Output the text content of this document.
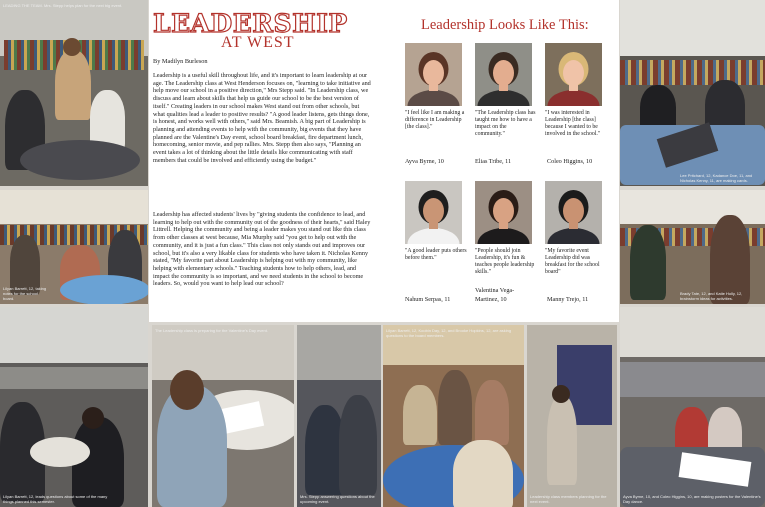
LEADING THE TEAM. Mrs. Stepp helps plan for the next big event.
Lilyan Barrett, 12, taking notes for the school board.
Lilyan Barrett, 12, leads questions about some of the many things planned this semester.
The Leadership class is preparing for the Valentine's Day event.
Mrs. Stepp answering questions about the upcoming event.
Lilyan Barrett, 12, Koobin Day, 12, and Brooke Hopkins, 12, are asking questions to the board members.
Leadership class members planning for the next event.
Lee Pritchard, 12, Kadance Doe, 11, and Nicholas Kenny, 11, are making cards.
Brady Tate, 12, and Katie Holly, 12, brainstorm ideas for activities.
Ayva Byrne, 10, and Coleo Higgins, 10, are making posters for the Valentine's Day dance.
LEADERSHIP
AT WEST
By Madilyn Burleson
Leadership is a useful skill throughout life, and it's important to learn leadership at our age. The Leadership class at West Henderson focuses on, "learning to take initiative and help move our school in a positive direction," Mrs Stepp said. "In Leadership class, we discuss and learn about skills that help us guide our school to be the best version of itself." Creating leaders in our school makes West stand out from other schools, but what qualities lead a leader to positive results? "A good leader listens, gets things done, is honest, and works well with others," said Mrs. Beamish. A big part of Leadership is planning and attending events to help with the community, big events that they have planned are the Valentine's Day event, school board breakfast, fire department lunch, homecoming, senior movie, and pep rallies. Mrs. Stepp then also says, "Planning an event takes a lot of thinking about the little details like communicating with staff members that could be involved and efficiently using the budget."
Leadership has affected students' lives by "giving students the confidence to lead, and learning to help out with the community out of the goodness of their hearts," said Haley Littrell. Helping the community and being a leader makes you stand out like this class from other classes at west because, Mia Murphy said "you get to help out with the community, and it is just a fun class." This class not only stands out and improves our school, but it's also a very likable class for students who have taken it. Nicholas Kenny stated, "My favorite part about Leadership is helping out with my community, like helping with elementary schools." Teaching students how to help others, lead, and impact the community is so important, and we need students in the school to become leaders. So, would you want to help lead our school?
Leadership Looks Like This:
"I feel like I am making a difference in Leadership [the class]."
"The Leadership class has taught me how to have a impact on the community."
"I was interested in Leadership [the class] because I wanted to be involved in the school."
Ayva Byrne, 10	Elias Tribe, 11	Coleo Higgins, 10
"A good leader puts others before them."
"People should join Leadership, it's fun & teaches people leadership skills."
"My favorite event Leadership did was breakfast for the school board"
Nahum Serpas, 11
Valentina Vega-Martinez, 10	Manny Trejo, 11
